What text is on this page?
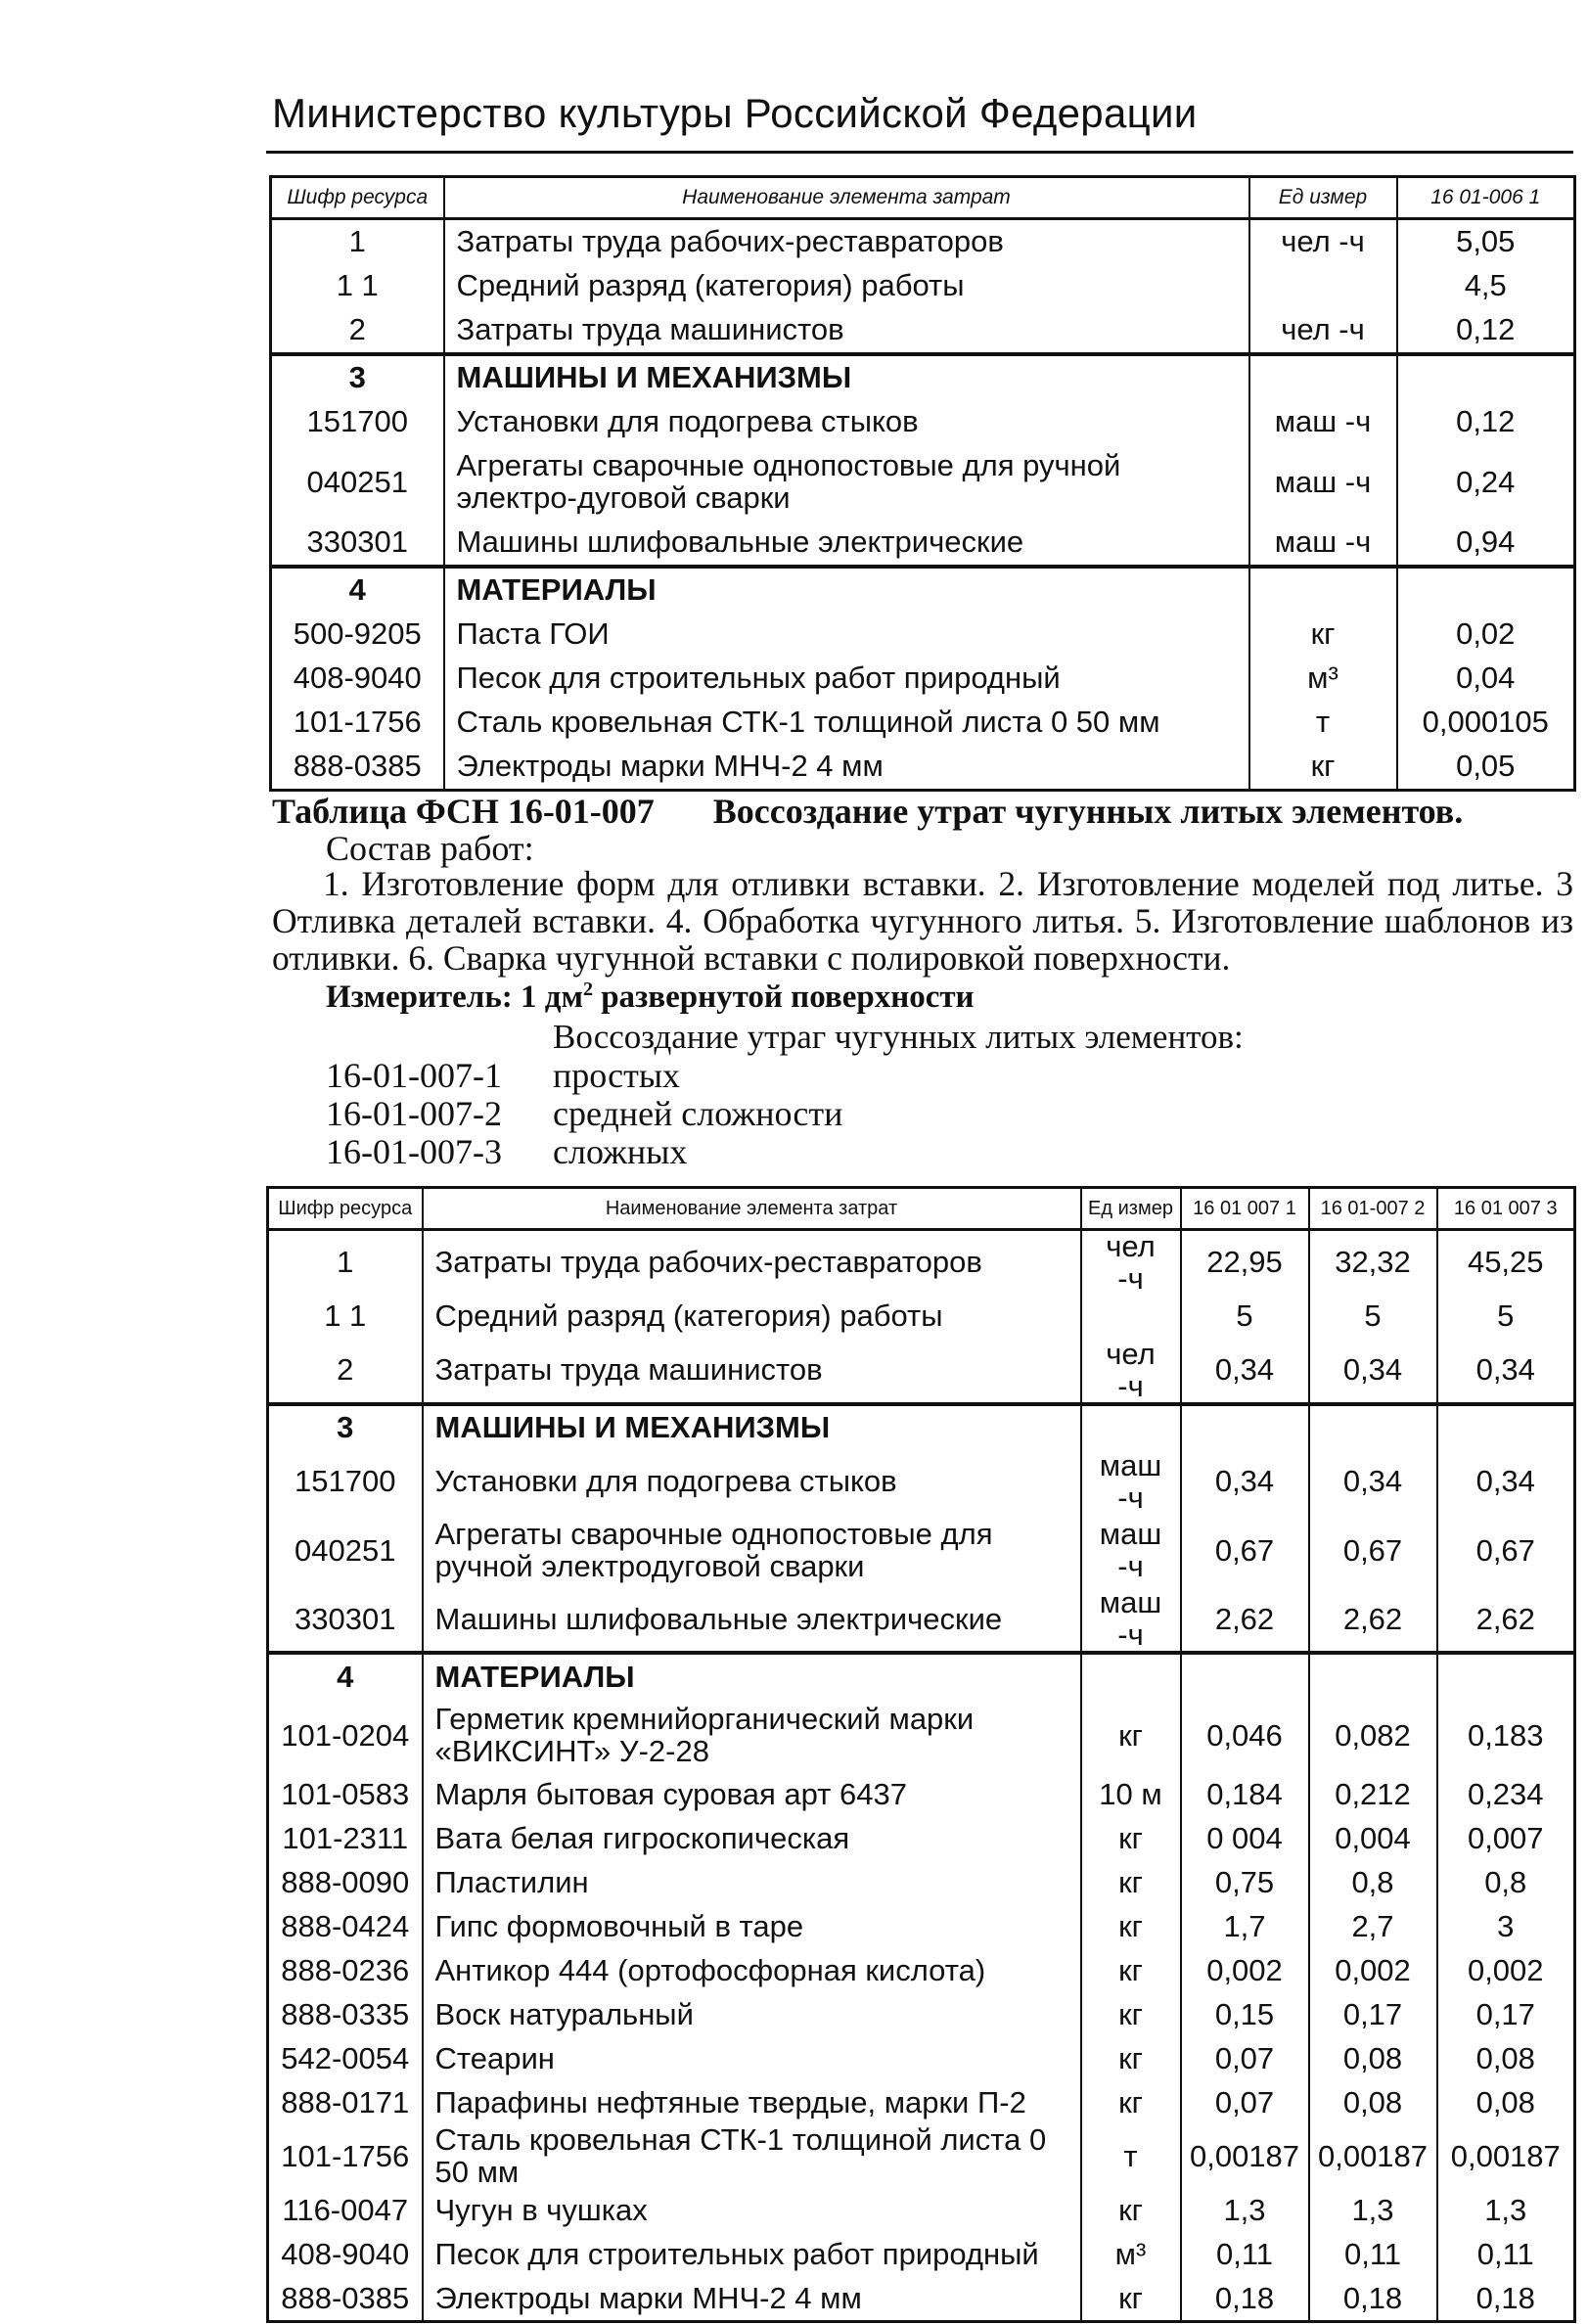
Министерство культуры Российской Федерации
Шифр ресурса	Наименование элемента затрат	Ед измер	16 01-006 1
1	Затраты труда рабочих-реставраторов	чел -ч	5,05
1 1	Средний разряд (категория) работы		4,5
2	Затраты труда машинистов	чел -ч	0,12
3	МАШИНЫ И МЕХАНИЗМЫ		
151700	Установки для подогрева стыков	маш -ч	0,12
040251	Агрегаты сварочные однопостовые для ручной электро-дуговой сварки	маш -ч	0,24
330301	Машины шлифовальные электрические	маш -ч	0,94
4	МАТЕРИАЛЫ		
500-9205	Паста ГОИ	кг	0,02
408-9040	Песок для строительных работ природный	м³	0,04
101-1756	Сталь кровельная СТК-1 толщиной листа 0 50 мм	т	0,000105
888-0385	Электроды марки МНЧ-2 4 мм	кг	0,05
Таблица ФСН 16-01-007 Воссоздание утрат чугунных литых элементов.
Состав работ:
1. Изготовление форм для отливки вставки. 2. Изготовление моделей под литье. 3 Отливка деталей вставки. 4. Обработка чугунного литья. 5. Изготовление шаблонов из отливки. 6. Сварка чугунной вставки с полировкой поверхности.
Измеритель: 1 $дм^2$ развернутой поверхности
Воссоздание утраг чугунных литых элементов:
16-01-007-1 простых
16-01-007-2 средней сложности
16-01-007-3 сложных
Шифр ресурса	Наименование элемента затрат	Ед измер	16 01 007 1	16 01-007 2	16 01 007 3
1	Затраты труда рабочих-реставраторов	чел -ч	22,95	32,32	45,25
1 1	Средний разряд (категория) работы		5	5	5
2	Затраты труда машинистов	чел -ч	0,34	0,34	0,34
3	МАШИНЫ И МЕХАНИЗМЫ				
151700	Установки для подогрева стыков	маш -ч	0,34	0,34	0,34
040251	Агрегаты сварочные однопостовые для ручной электродуговой сварки	маш -ч	0,67	0,67	0,67
330301	Машины шлифовальные электрические	маш -ч	2,62	2,62	2,62
4	МАТЕРИАЛЫ				
101-0204	Герметик кремнийорганический марки «ВИКСИНТ» У-2-28	кг	0,046	0,082	0,183
101-0583	Марля бытовая суровая арт 6437	10 м	0,184	0,212	0,234
101-2311	Вата белая гигроскопическая	кг	0 004	0,004	0,007
888-0090	Пластилин	кг	0,75	0,8	0,8
888-0424	Гипс формовочный в таре	кг	1,7	2,7	3
888-0236	Антикор 444 (ортофосфорная кислота)	кг	0,002	0,002	0,002
888-0335	Воск натуральный	кг	0,15	0,17	0,17
542-0054	Стеарин	кг	0,07	0,08	0,08
888-0171	Парафины нефтяные твердые, марки П-2	кг	0,07	0,08	0,08
101-1756	Сталь кровельная СТК-1 толщиной листа 0 50 мм	т	0,00187	0,00187	0,00187
116-0047	Чугун в чушках	кг	1,3	1,3	1,3
408-9040	Песок для строительных работ природный	м³	0,11	0,11	0,11
888-0385	Электроды марки МНЧ-2 4 мм	кг	0,18	0,18	0,18
